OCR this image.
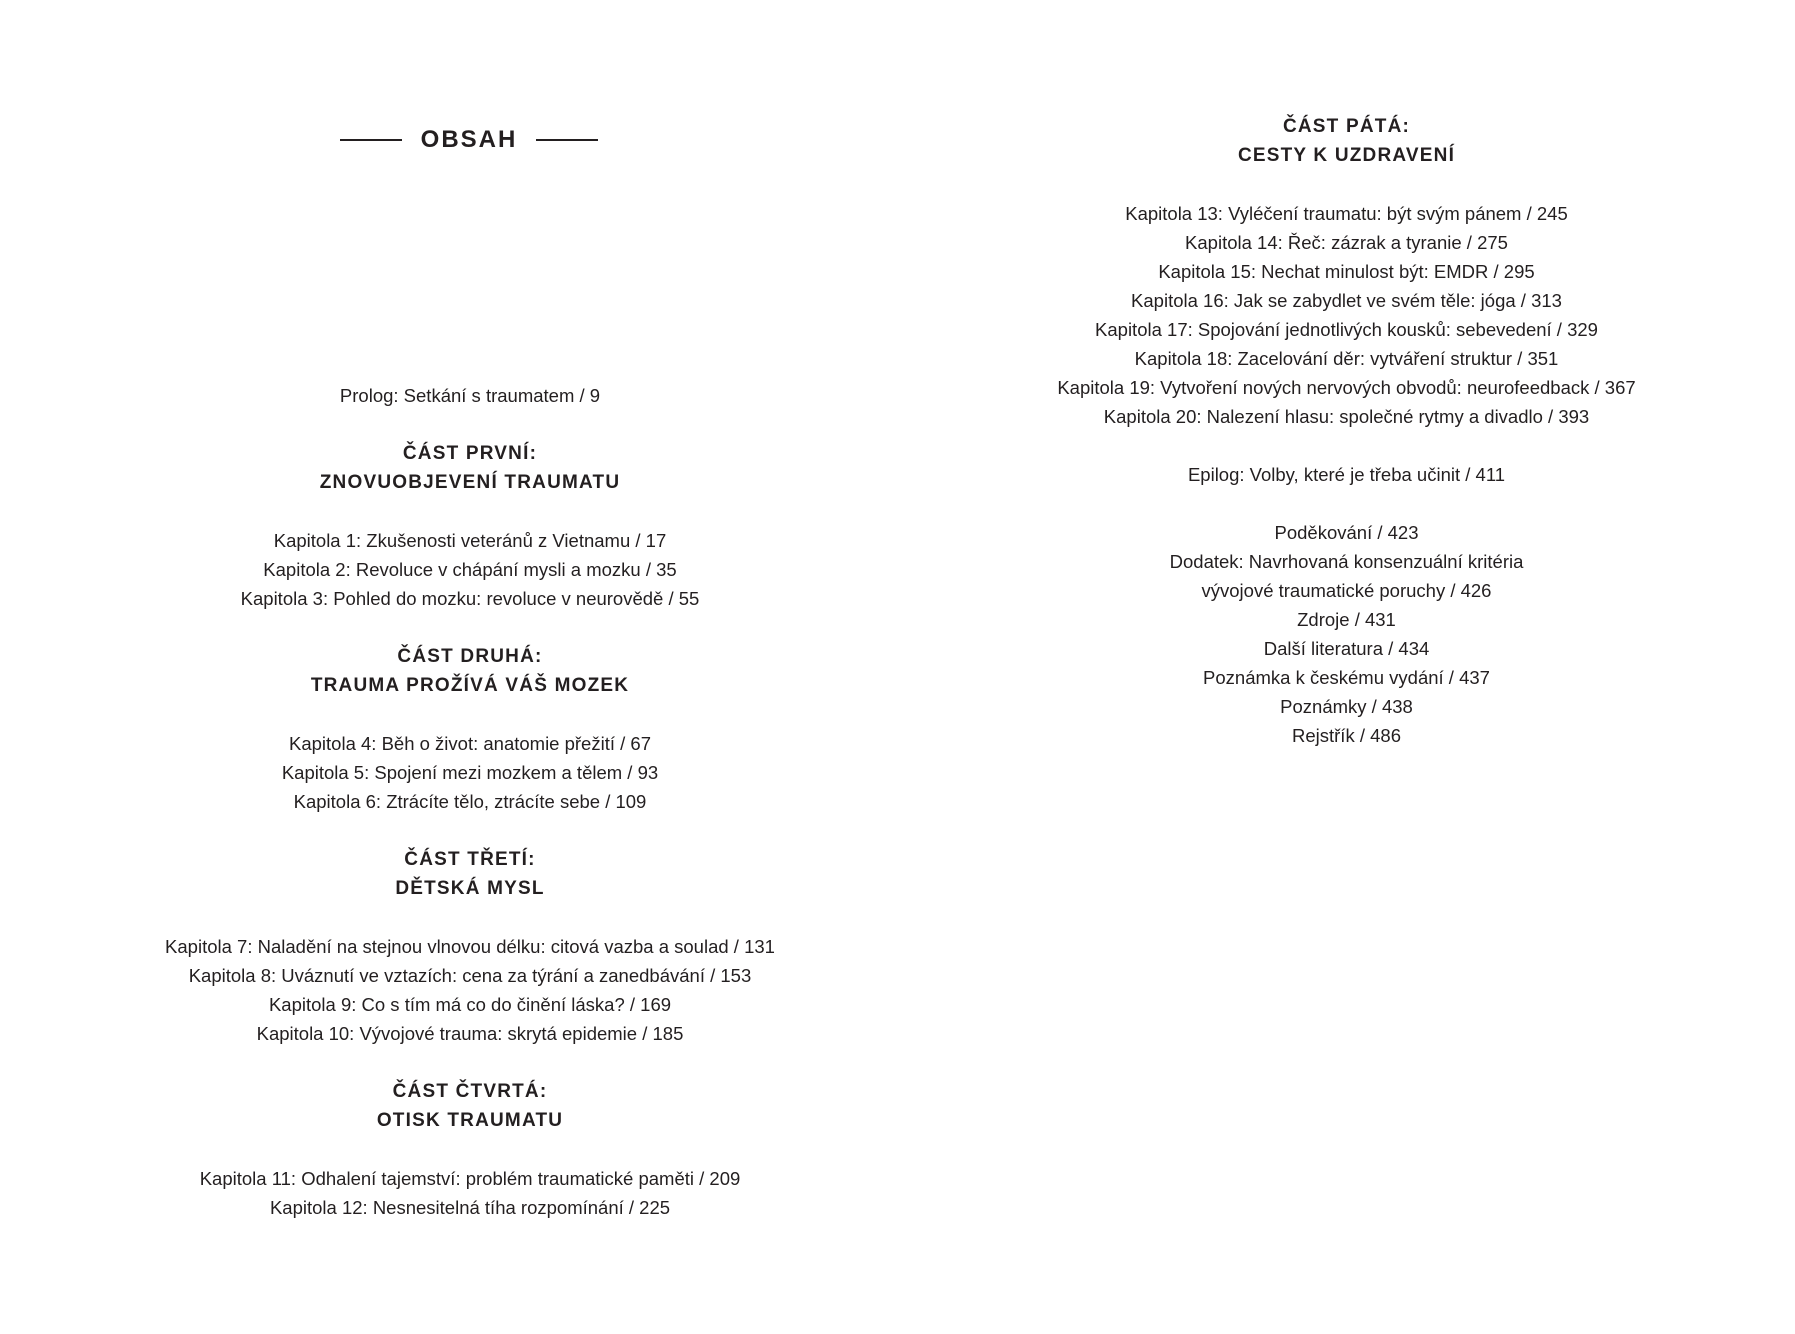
OBSAH
Prolog: Setkání s traumatem / 9
ČÁST PRVNÍ:
ZNOVUOBJEVENÍ TRAUMATU
Kapitola 1: Zkušenosti veteránů z Vietnamu / 17
Kapitola 2: Revoluce v chápání mysli a mozku / 35
Kapitola 3: Pohled do mozku: revoluce v neurovědě / 55
ČÁST DRUHÁ:
TRAUMA PROŽÍVÁ VÁŠ MOZEK
Kapitola 4: Běh o život: anatomie přežití / 67
Kapitola 5: Spojení mezi mozkem a tělem / 93
Kapitola 6: Ztrácíte tělo, ztrácíte sebe / 109
ČÁST TŘETÍ:
DĚTSKÁ MYSL
Kapitola 7: Naladění na stejnou vlnovou délku: citová vazba a soulad / 131
Kapitola 8: Uváznutí ve vztazích: cena za týrání a zanedbávání / 153
Kapitola 9: Co s tím má co do činění láska? / 169
Kapitola 10: Vývojové trauma: skrytá epidemie / 185
ČÁST ČTVRTÁ:
OTISK TRAUMATU
Kapitola 11: Odhalení tajemství: problém traumatické paměti / 209
Kapitola 12: Nesnesitelná tíha rozpomínání / 225
ČÁST PÁTÁ:
CESTY K UZDRAVENÍ
Kapitola 13: Vyléčení traumatu: být svým pánem / 245
Kapitola 14: Řeč: zázrak a tyranie / 275
Kapitola 15: Nechat minulost být: EMDR / 295
Kapitola 16: Jak se zabydlet ve svém těle: jóga / 313
Kapitola 17: Spojování jednotlivých kousků: sebevedení / 329
Kapitola 18: Zacelování děr: vytváření struktur / 351
Kapitola 19: Vytvoření nových nervových obvodů: neurofeedback / 367
Kapitola 20: Nalezení hlasu: společné rytmy a divadlo / 393
Epilog: Volby, které je třeba učinit / 411
Poděkování / 423
Dodatek: Navrhovaná konsenzuální kritéria
vývojové traumatické poruchy / 426
Zdroje / 431
Další literatura / 434
Poznámka k českému vydání / 437
Poznámky / 438
Rejstřík / 486
